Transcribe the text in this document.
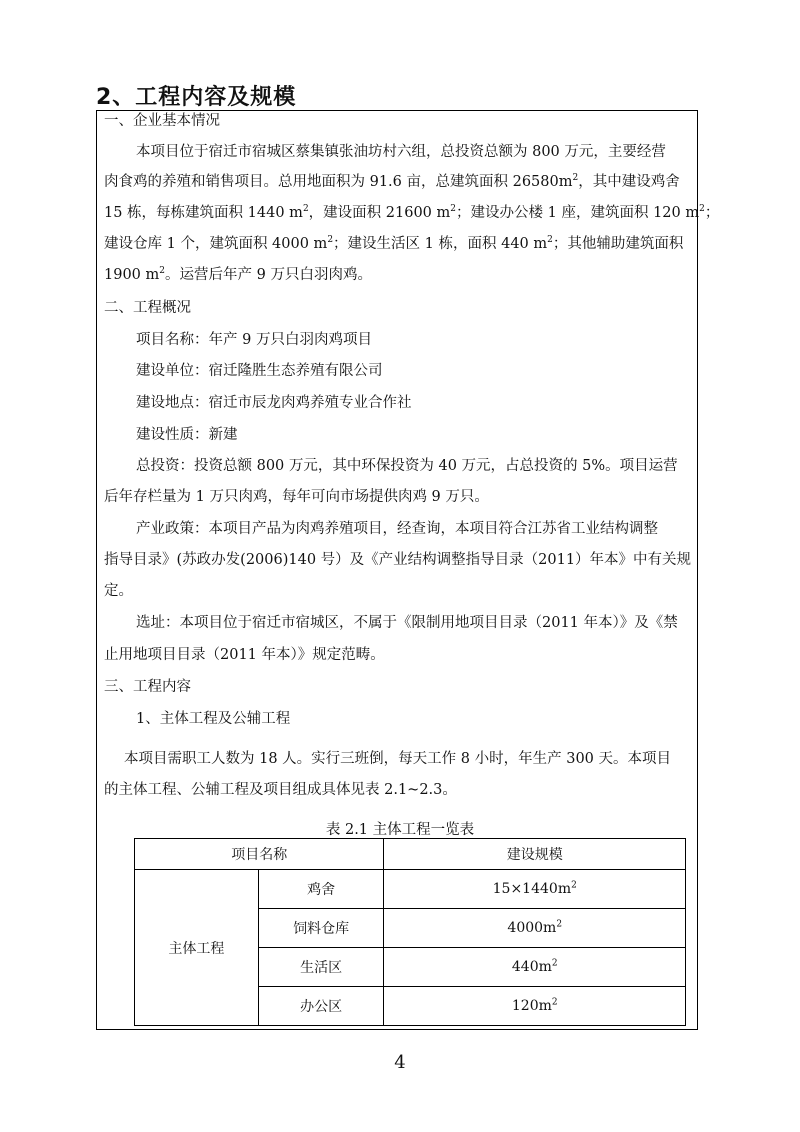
2、工程内容及规模
一、企业基本情况
本项目位于宿迁市宿城区蔡集镇张油坊村六组，总投资总额为 800 万元，主要经营
肉食鸡的养殖和销售项目。总用地面积为 91.6 亩，总建筑面积 $26580m^2$，其中建设鸡舍
15 栋，每栋建筑面积 1440 $m^2$，建设面积 21600 $m^2$；建设办公楼 1 座，建筑面积 120 $m^2$；
建设仓库 1 个，建筑面积 4000 $m^2$；建设生活区 1 栋，面积 440 $m^2$；其他辅助建筑面积
1900 $m^2$。运营后年产 9 万只白羽肉鸡。
二、工程概况
项目名称：年产 9 万只白羽肉鸡项目
建设单位：宿迁隆胜生态养殖有限公司
建设地点：宿迁市辰龙肉鸡养殖专业合作社
建设性质：新建
总投资：投资总额 800 万元，其中环保投资为 40 万元，占总投资的 5%。项目运营
后年存栏量为 1 万只肉鸡，每年可向市场提供肉鸡 9 万只。
产业政策：本项目产品为肉鸡养殖项目，经查询，本项目符合江苏省工业结构调整
指导目录》(苏政办发(2006)140 号）及《产业结构调整指导目录（2011）年本》中有关规
定。
选址：本项目位于宿迁市宿城区，不属于《限制用地项目目录（2011 年本）》及《禁
止用地项目目录（2011 年本）》规定范畴。
三、工程内容
1、主体工程及公辅工程
本项目需职工人数为 18 人。实行三班倒，每天工作 8 小时，年生产 300 天。本项目
的主体工程、公辅工程及项目组成具体见表 2.1~2.3。
表 2.1 主体工程一览表
项目名称		建设规模
主体工程	鸡舍	$15\times 1440m^2$
	饲料仓库	$4000m^2$
	生活区	$440m^2$
	办公区	$120m^2$
4
